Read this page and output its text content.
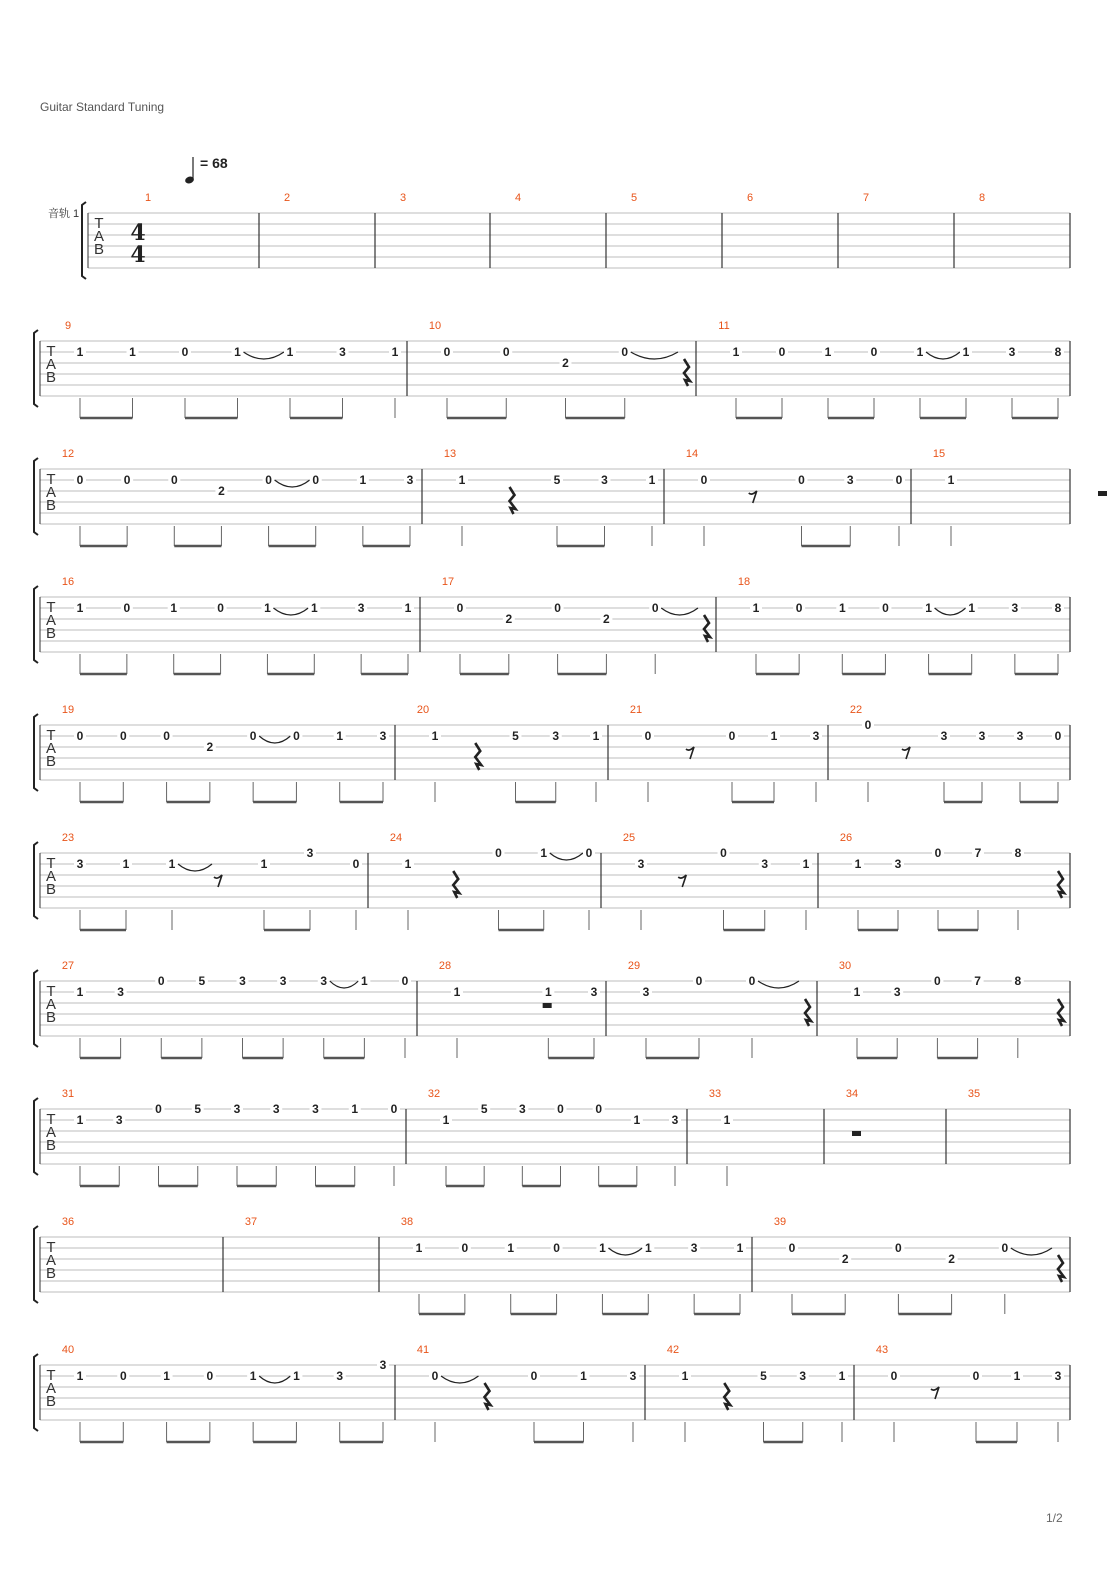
Guitar Standard Tuning
= 68
音轨 1
1/2
T
A
B
4
4
1	2	3	4	5	6	7	8
T
A
B
9
1	1	0	1	1	3	1
10
0	0
2
0
11
1	0	1	0	1	1	3	8
T
A
B
12
0	0	0
2
0	0	1	3
13
1	5	3	1
14
0	0	3	0
15
1
T
A
B
16
1	0	1	0	1	1	3	1
17
0
2
0
2
0
18
1	0	1	0	1	1	3	8
T
A
B
19
0	0	0
2
0	0	1	3
20
1	5	3	1
21
0	0	1	3
22
0
3	3	3	0
T
A
B
23
3	1	1	1
3
0
24
1
0	1	0
25
3
0
3	1
26
1	3
0	7	8
T
A
B
27
1	3
0	5	3	3	3	1	0
28
1	1	3
29
3
0	0
30
1	3
0	7	8
T
A
B
31
1	3
0	5	3	3	3	1	0
32
1
5	3	0	0
1	3
33
1
34	35
T
A
B
36	37	38
1	0	1	0	1	1	3	1
39
0
2
0
2
0
T
A
B
40
1	0	1	0	1	1	3
3
41
0	0	1	3
42
1	5	3	1
43
0	0	1	3
